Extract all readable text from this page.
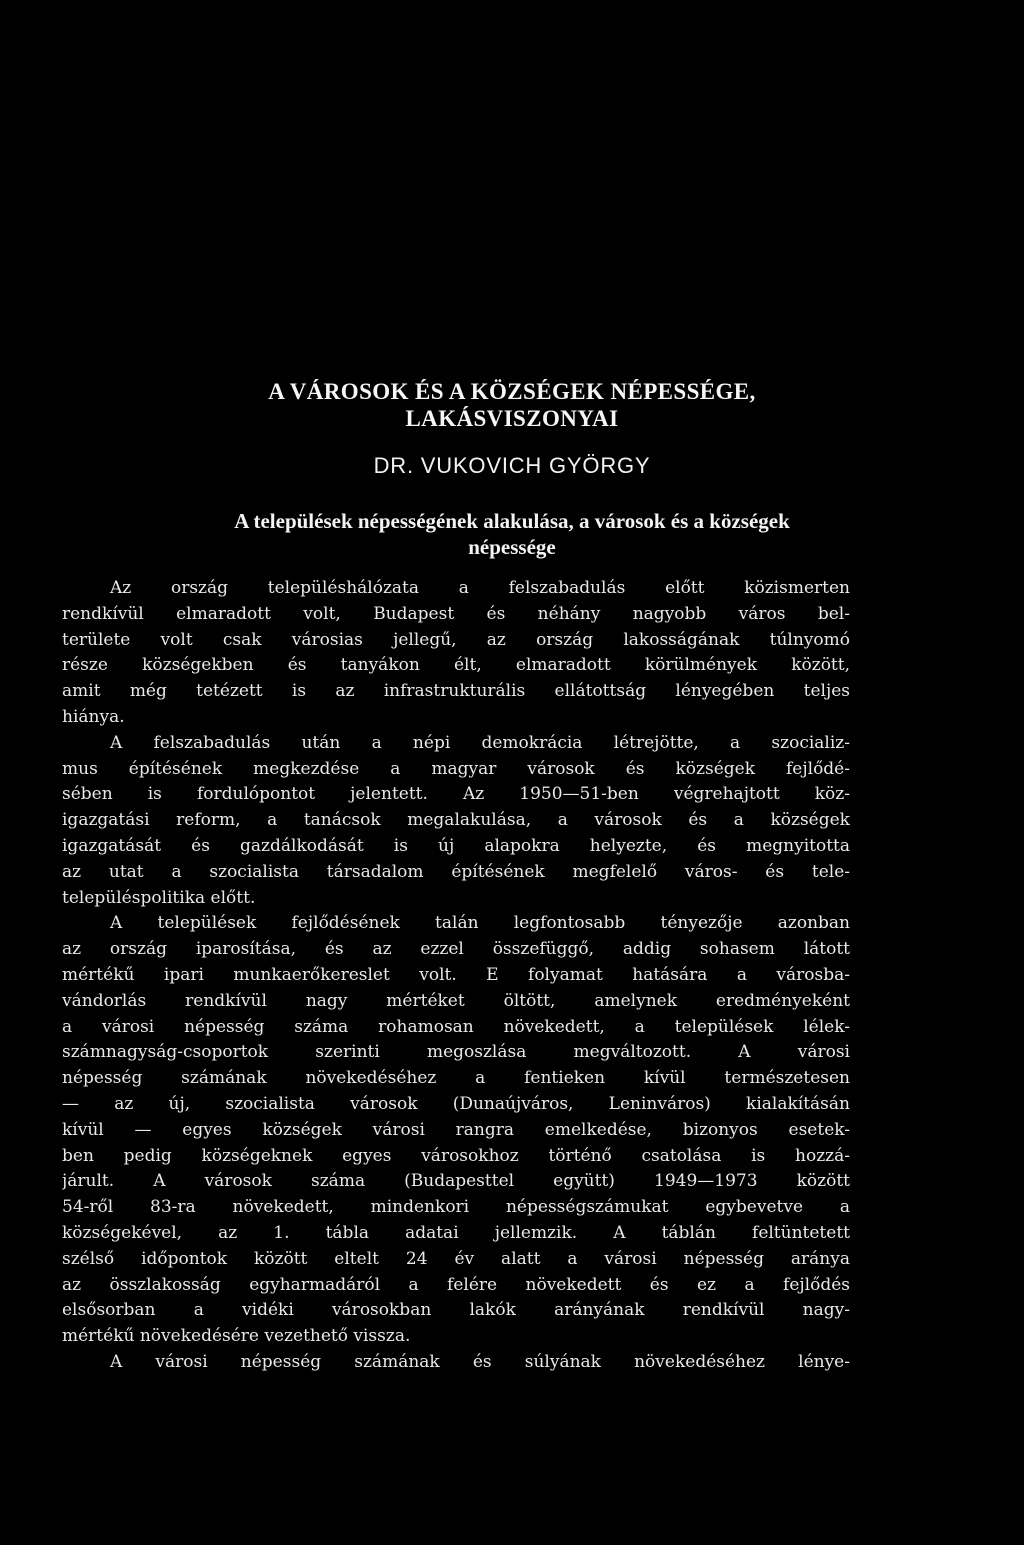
A VÁROSOK ÉS A KÖZSÉGEK NÉPESSÉGE,
LAKÁSVISZONYAI
DR. VUKOVICH GYÖRGY
A települések népességének alakulása, a városok és a községek
népessége
Az ország településhálózata a felszabadulás előtt közismerten
rendkívül elmaradott volt, Budapest és néhány nagyobb város bel-
területe volt csak városias jellegű, az ország lakosságának túlnyomó
része községekben és tanyákon élt, elmaradott körülmények között,
amit még tetézett is az infrastrukturális ellátottság lényegében teljes
hiánya.
A felszabadulás után a népi demokrácia létrejötte, a szocializ-
mus építésének megkezdése a magyar városok és községek fejlődé-
sében is fordulópontot jelentett. Az 1950—51-ben végrehajtott köz-
igazgatási reform, a tanácsok megalakulása, a városok és a községek
igazgatását és gazdálkodását is új alapokra helyezte, és megnyitotta
az utat a szocialista társadalom építésének megfelelő város- és tele-
településpolitika előtt.
A települések fejlődésének talán legfontosabb tényezője azonban
az ország iparosítása, és az ezzel összefüggő, addig sohasem látott
mértékű ipari munkaerőkereslet volt. E folyamat hatására a városba-
vándorlás rendkívül nagy mértéket öltött, amelynek eredményeként
a városi népesség száma rohamosan növekedett, a települések lélek-
számnagyság-csoportok szerinti megoszlása megváltozott. A városi
népesség számának növekedéséhez a fentieken kívül természetesen
— az új, szocialista városok (Dunaújváros, Leninváros) kialakításán
kívül — egyes községek városi rangra emelkedése, bizonyos esetek-
ben pedig községeknek egyes városokhoz történő csatolása is hozzá-
járult. A városok száma (Budapesttel együtt) 1949—1973 között
54-ről 83-ra növekedett, mindenkori népességszámukat egybevetve a
községekével, az 1. tábla adatai jellemzik. A táblán feltüntetett
szélső időpontok között eltelt 24 év alatt a városi népesség aránya
az összlakosság egyharmadáról a felére növekedett és ez a fejlődés
elsősorban a vidéki városokban lakók arányának rendkívül nagy-
mértékű növekedésére vezethető vissza.
A városi népesség számának és súlyának növekedéséhez lénye-
